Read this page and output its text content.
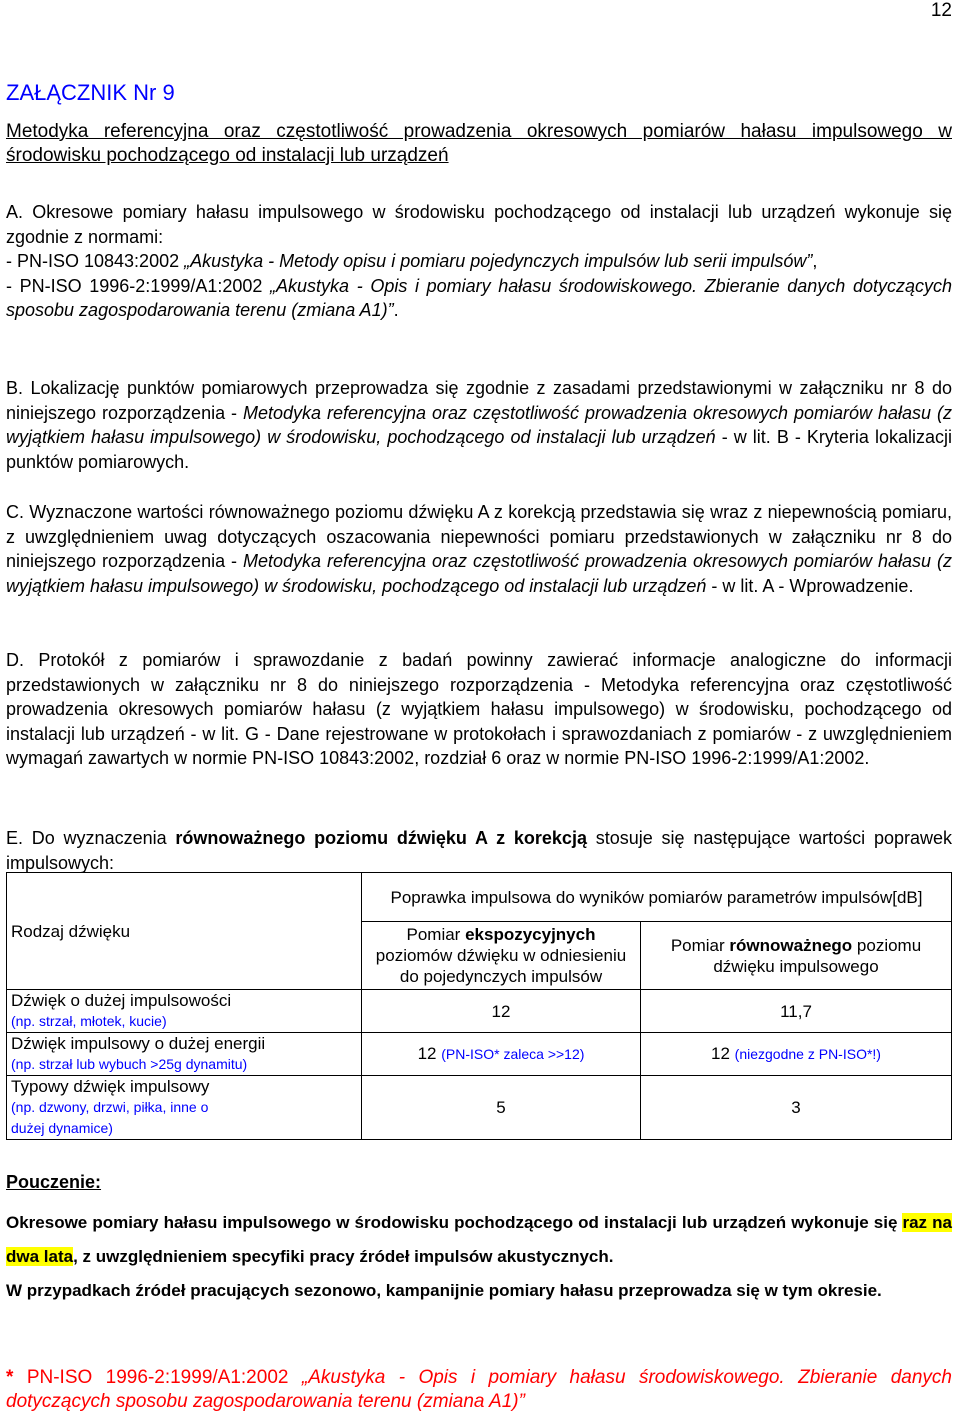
12
ZAŁĄCZNIK Nr 9
Metodyka referencyjna oraz częstotliwość prowadzenia okresowych pomiarów hałasu impulsowego w środowisku pochodzącego od instalacji lub urządzeń

A. Okresowe pomiary hałasu impulsowego w środowisku pochodzącego od instalacji lub urządzeń wykonuje się zgodnie z normami:

- PN-ISO 10843:2002 „Akustyka - Metody opisu i pomiaru pojedynczych impulsów lub serii impulsów”,

- PN-ISO 1996-2:1999/A1:2002 „Akustyka - Opis i pomiary hałasu środowiskowego. Zbieranie danych dotyczących sposobu zagospodarowania terenu (zmiana A1)”.

B. Lokalizację punktów pomiarowych przeprowadza się zgodnie z zasadami przedstawionymi w załączniku nr 8 do niniejszego rozporządzenia - Metodyka referencyjna oraz częstotliwość prowadzenia okresowych pomiarów hałasu (z wyjątkiem hałasu impulsowego) w środowisku, pochodzącego od instalacji lub urządzeń - w lit. B - Kryteria lokalizacji punktów pomiarowych.

C. Wyznaczone wartości równoważnego poziomu dźwięku A z korekcją przedstawia się wraz z niepewnością pomiaru, z uwzględnieniem uwag dotyczących oszacowania niepewności pomiaru przedstawionych w załączniku nr 8 do niniejszego rozporządzenia - Metodyka referencyjna oraz częstotliwość prowadzenia okresowych pomiarów hałasu (z wyjątkiem hałasu impulsowego) w środowisku, pochodzącego od instalacji lub urządzeń - w lit. A - Wprowadzenie.

D. Protokół z pomiarów i sprawozdanie z badań powinny zawierać informacje analogiczne do informacji przedstawionych w załączniku nr 8 do niniejszego rozporządzenia - Metodyka referencyjna oraz częstotliwość prowadzenia okresowych pomiarów hałasu (z wyjątkiem hałasu impulsowego) w środowisku, pochodzącego od instalacji lub urządzeń - w lit. G - Dane rejestrowane w protokołach i sprawozdaniach z pomiarów - z uwzględnieniem wymagań zawartych w normie PN-ISO 10843:2002, rozdział 6 oraz w normie PN-ISO 1996-2:1999/A1:2002.

E. Do wyznaczenia równoważnego poziomu dźwięku A z korekcją stosuje się następujące wartości poprawek impulsowych:

Rodzaj dźwięku	Poprawka impulsowa do wyników pomiarów parametrów impulsów[dB]	
	Pomiar ekspozycyjnych poziomów dźwięku w odniesieniu do pojedynczych impulsów	Pomiar równoważnego poziomu dźwięku impulsowego

Dźwięk o dużej impulsowości
(np. strzał, młotek, kucie)	12	11,7

Dźwięk impulsowy o dużej energii
(np. strzał lub wybuch >25g dynamitu)	12 (PN-ISO* zaleca >>12)	12 (niezgodne z PN-ISO*!)

Typowy dźwięk impulsowy
(np. dzwony, drzwi, piłka, inne o dużej dynamice)	5	3
Pouczenie:

Okresowe pomiary hałasu impulsowego w środowisku pochodzącego od instalacji lub urządzeń wykonuje się raz na dwa lata, z uwzględnieniem specyfiki pracy źródeł impulsów akustycznych.

W przypadkach źródeł pracujących sezonowo, kampanijnie pomiary hałasu przeprowadza się w tym okresie.

* PN-ISO 1996-2:1999/A1:2002 „Akustyka - Opis i pomiary hałasu środowiskowego. Zbieranie danych dotyczących sposobu zagospodarowania terenu (zmiana A1)”
